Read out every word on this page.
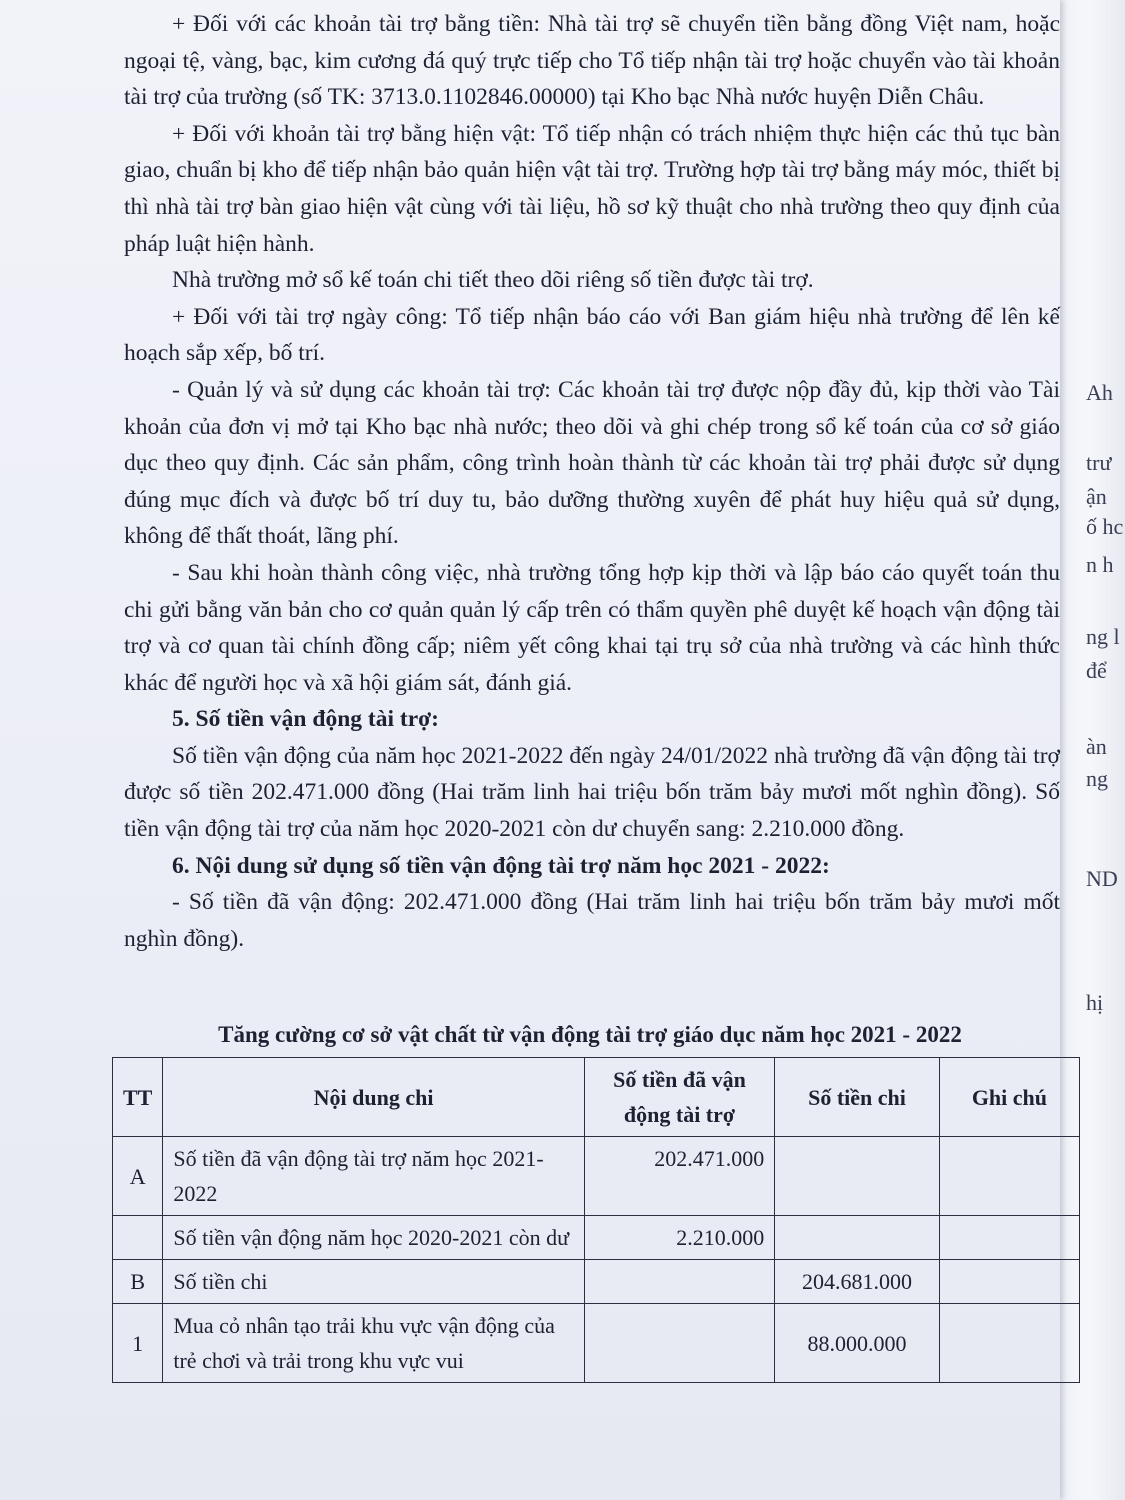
Ah
trư
ận
ố hc
n h
ng l
để
àn
ng
ND
hị

+ Đối với các khoản tài trợ bằng tiền: Nhà tài trợ sẽ chuyển tiền bằng đồng Việt nam, hoặc ngoại tệ, vàng, bạc, kim cương đá quý trực tiếp cho Tổ tiếp nhận tài trợ hoặc chuyển vào tài khoản tài trợ của trường (số TK: 3713.0.1102846.00000) tại Kho bạc Nhà nước huyện Diễn Châu.

+ Đối với khoản tài trợ bằng hiện vật: Tổ tiếp nhận có trách nhiệm thực hiện các thủ tục bàn giao, chuẩn bị kho để tiếp nhận bảo quản hiện vật tài trợ. Trường hợp tài trợ bằng máy móc, thiết bị thì nhà tài trợ bàn giao hiện vật cùng với tài liệu, hồ sơ kỹ thuật cho nhà trường theo quy định của pháp luật hiện hành.

Nhà trường mở sổ kế toán chi tiết theo dõi riêng số tiền được tài trợ.

+ Đối với tài trợ ngày công: Tổ tiếp nhận báo cáo với Ban giám hiệu nhà trường để lên kế hoạch sắp xếp, bố trí.

- Quản lý và sử dụng các khoản tài trợ: Các khoản tài trợ được nộp đầy đủ, kịp thời vào Tài khoản của đơn vị mở tại Kho bạc nhà nước; theo dõi và ghi chép trong sổ kế toán của cơ sở giáo dục theo quy định. Các sản phẩm, công trình hoàn thành từ các khoản tài trợ phải được sử dụng đúng mục đích và được bố trí duy tu, bảo dưỡng thường xuyên để phát huy hiệu quả sử dụng, không để thất thoát, lãng phí.

- Sau khi hoàn thành công việc, nhà trường tổng hợp kịp thời và lập báo cáo quyết toán thu chi gửi bằng văn bản cho cơ quản quản lý cấp trên có thẩm quyền phê duyệt kế hoạch vận động tài trợ và cơ quan tài chính đồng cấp; niêm yết công khai tại trụ sở của nhà trường và các hình thức khác để người học và xã hội giám sát, đánh giá.

5. Số tiền vận động tài trợ:

Số tiền vận động của năm học 2021-2022 đến ngày 24/01/2022 nhà trường đã vận động tài trợ được số tiền 202.471.000 đồng (Hai trăm linh hai triệu bốn trăm bảy mươi mốt nghìn đồng). Số tiền vận động tài trợ của năm học 2020-2021 còn dư chuyển sang: 2.210.000 đồng.

6. Nội dung sử dụng số tiền vận động tài trợ năm học 2021 - 2022:

- Số tiền đã vận động: 202.471.000 đồng (Hai trăm linh hai triệu bốn trăm bảy mươi mốt nghìn đồng).

Tăng cường cơ sở vật chất từ vận động tài trợ giáo dục năm học 2021 - 2022
TT	Nội dung chi	Số tiền đã vận động tài trợ	Số tiền chi	Ghi chú
A	Số tiền đã vận động tài trợ năm học 2021-2022	202.471.000		
	Số tiền vận động năm học 2020-2021 còn dư	2.210.000		
B	Số tiền chi		204.681.000	
1	Mua cỏ nhân tạo trải khu vực vận động của trẻ chơi và trải trong khu vực vui		88.000.000	
